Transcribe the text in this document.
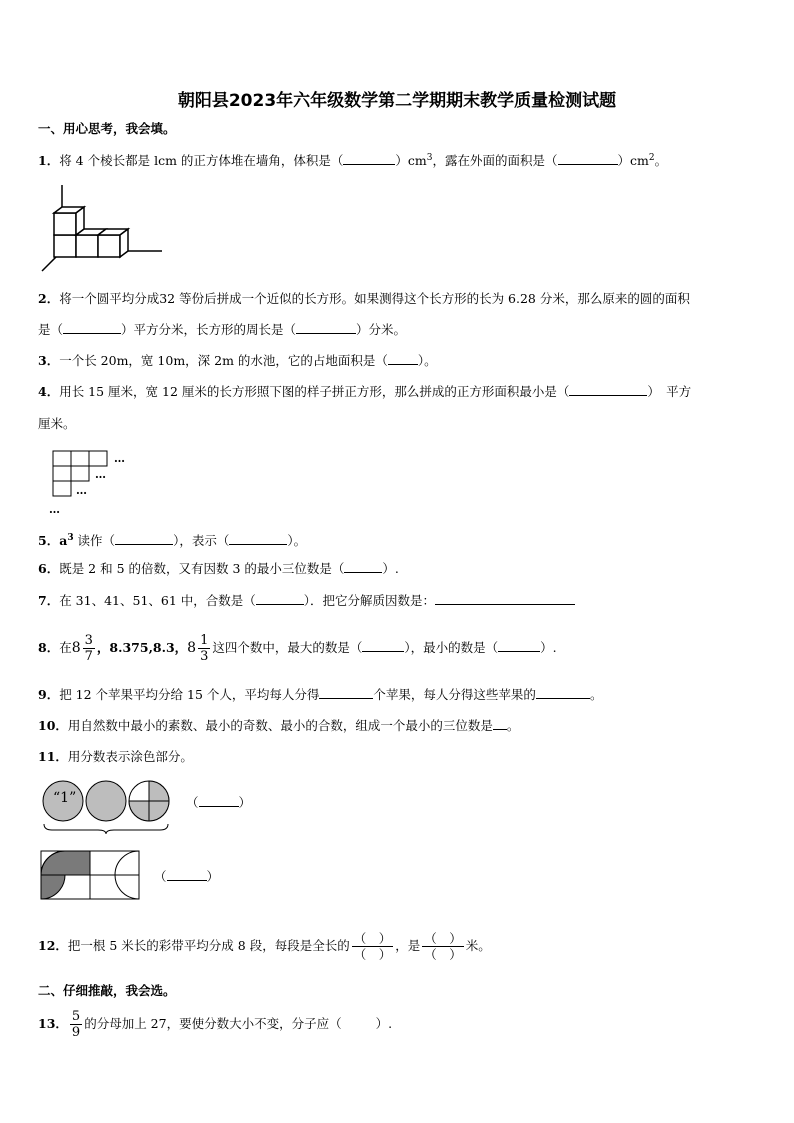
朝阳县2023年六年级数学第二学期期末教学质量检测试题
一、用心思考，我会填。
1．将 4 个棱长都是 lcm 的正方体堆在墙角，体积是（	）$cm^3$，露在外面的面积是（	）$cm^2$。
2．将一个圆平均分成32 等份后拼成一个近似的长方形。如果测得这个长方形的长为 6.28 分米，那么原来的圆的面积
是（	）平方分米，长方形的周长是（	）分米。
3．一个长 20m，宽 10m，深 2m 的水池，它的占地面积是（ ）。
4．用长 15 厘米，宽 12 厘米的长方形照下图的样子拼正方形，那么拼成的正方形面积最小是（	）　平方
厘米。
…
…
…
…
5．$a^3$ 读作（	），表示（	）。
6．既是 2 和 5 的倍数，又有因数 3 的最小三位数是（	）.
7．在 31、41、51、61 中，合数是（	）．把它分解质因数是：
8．在$8 \frac{3}{7}$ ，8.375,8.3，$8 \frac{1}{3}$ 这四个数中，最大的数是（	），最小的数是（	）.
9．把 12 个苹果平均分给 15 个人，平均每人分得	个苹果，每人分得这些苹果的	。
10．用自然数中最小的素数、最小的奇数、最小的合数，组成一个最小的三位数是 。
11．用分数表示涂色部分。
“1”	（	）
（	）
12．把一根 5 米长的彩带平均分成 8 段，每段是全长的 $\frac{( )}{( )}$ ，是 $\frac{( )}{( )}$ 米。
二、仔细推敲，我会选。
13． $\frac{5}{9}$ 的分母加上 27，要使分数大小不变，分子应（	）.
